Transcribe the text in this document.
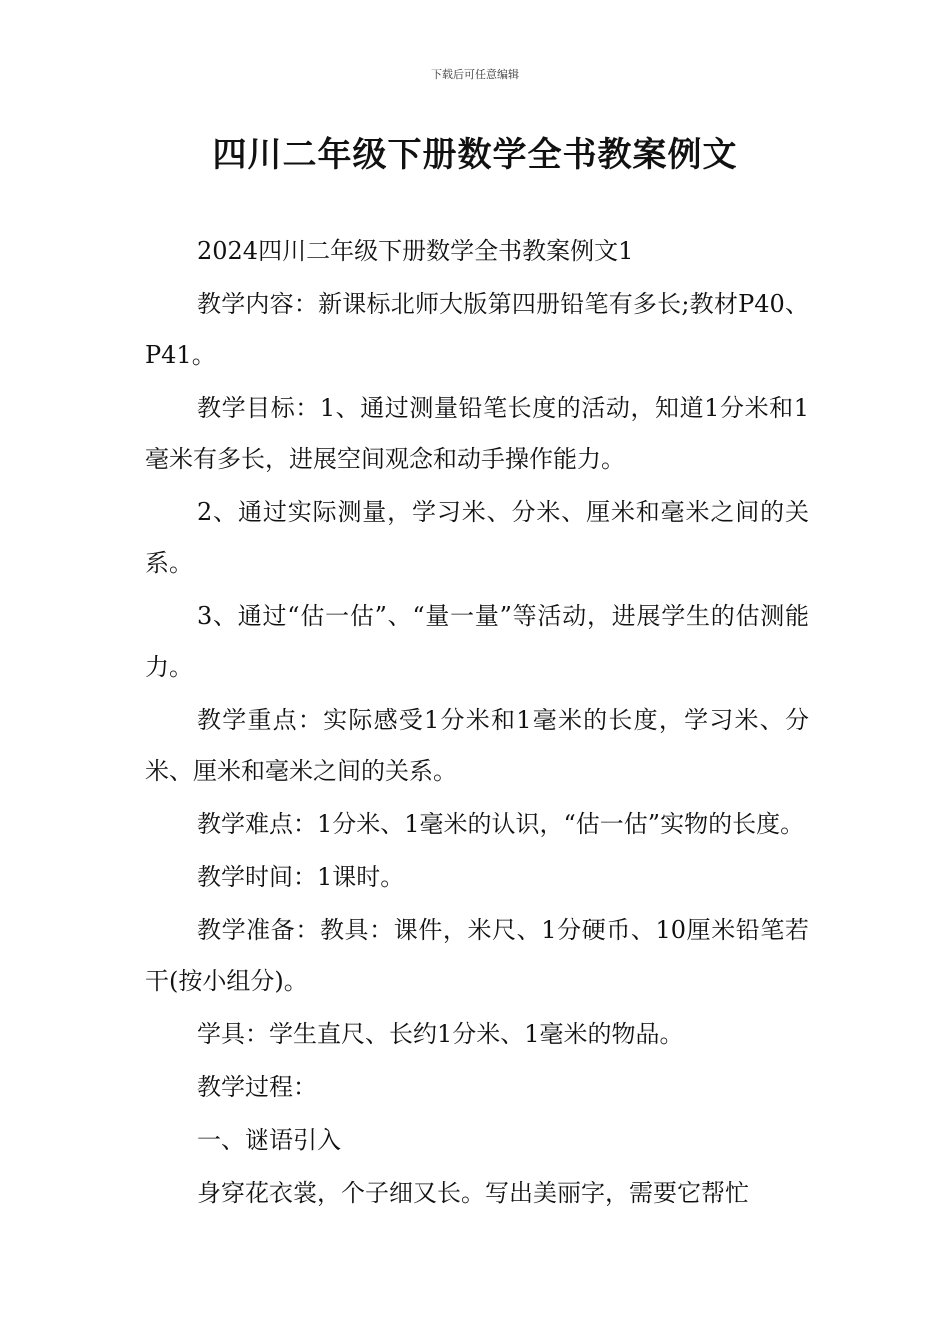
下载后可任意编辑
四川二年级下册数学全书教案例文

2024四川二年级下册数学全书教案例文1

教学内容：新课标北师大版第四册铅笔有多长;教材P40、P41。

教学目标：1、通过测量铅笔长度的活动，知道1分米和1毫米有多长，进展空间观念和动手操作能力。

2、通过实际测量，学习米、分米、厘米和毫米之间的关系。

3、通过“估一估”、“量一量”等活动，进展学生的估测能力。

教学重点：实际感受1分米和1毫米的长度，学习米、分米、厘米和毫米之间的关系。

教学难点：1分米、1毫米的认识，“估一估”实物的长度。

教学时间：1课时。

教学准备：教具：课件，米尺、1分硬币、10厘米铅笔若干(按小组分)。

学具：学生直尺、长约1分米、1毫米的物品。

教学过程：

一、谜语引入

身穿花衣裳，个子细又长。写出美丽字，需要它帮忙
